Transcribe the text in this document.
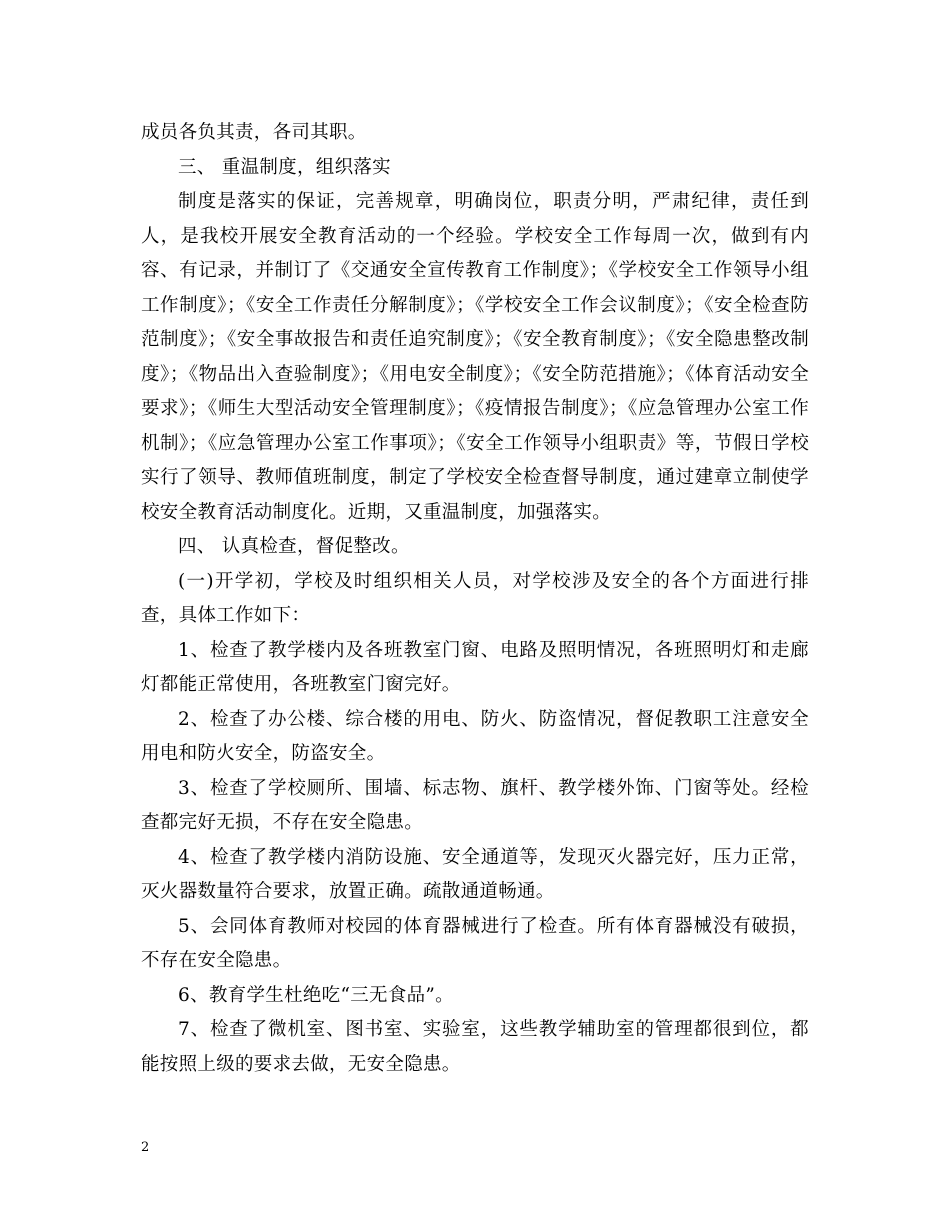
成员各负其责，各司其职。

三、 重温制度，组织落实

制度是落实的保证，完善规章，明确岗位，职责分明，严肃纪律，责任到人，是我校开展安全教育活动的一个经验。学校安全工作每周一次，做到有内容、有记录，并制订了《交通安全宣传教育工作制度》；《学校安全工作领导小组工作制度》；《安全工作责任分解制度》；《学校安全工作会议制度》；《安全检查防范制度》；《安全事故报告和责任追究制度》；《安全教育制度》；《安全隐患整改制度》；《物品出入查验制度》；《用电安全制度》；《安全防范措施》；《体育活动安全要求》；《师生大型活动安全管理制度》；《疫情报告制度》；《应急管理办公室工作机制》；《应急管理办公室工作事项》；《安全工作领导小组职责》等，节假日学校实行了领导、教师值班制度，制定了学校安全检查督导制度，通过建章立制使学校安全教育活动制度化。近期，又重温制度，加强落实。

四、 认真检查，督促整改。

(一)开学初，学校及时组织相关人员，对学校涉及安全的各个方面进行排查，具体工作如下：

1、检查了教学楼内及各班教室门窗、电路及照明情况，各班照明灯和走廊灯都能正常使用，各班教室门窗完好。

2、检查了办公楼、综合楼的用电、防火、防盗情况，督促教职工注意安全用电和防火安全，防盗安全。

3、检查了学校厕所、围墙、标志物、旗杆、教学楼外饰、门窗等处。经检查都完好无损，不存在安全隐患。

4、检查了教学楼内消防设施、安全通道等，发现灭火器完好，压力正常，灭火器数量符合要求，放置正确。疏散通道畅通。

5、会同体育教师对校园的体育器械进行了检查。所有体育器械没有破损，不存在安全隐患。

6、教育学生杜绝吃“三无食品”。

7、检查了微机室、图书室、实验室，这些教学辅助室的管理都很到位，都能按照上级的要求去做，无安全隐患。

2
